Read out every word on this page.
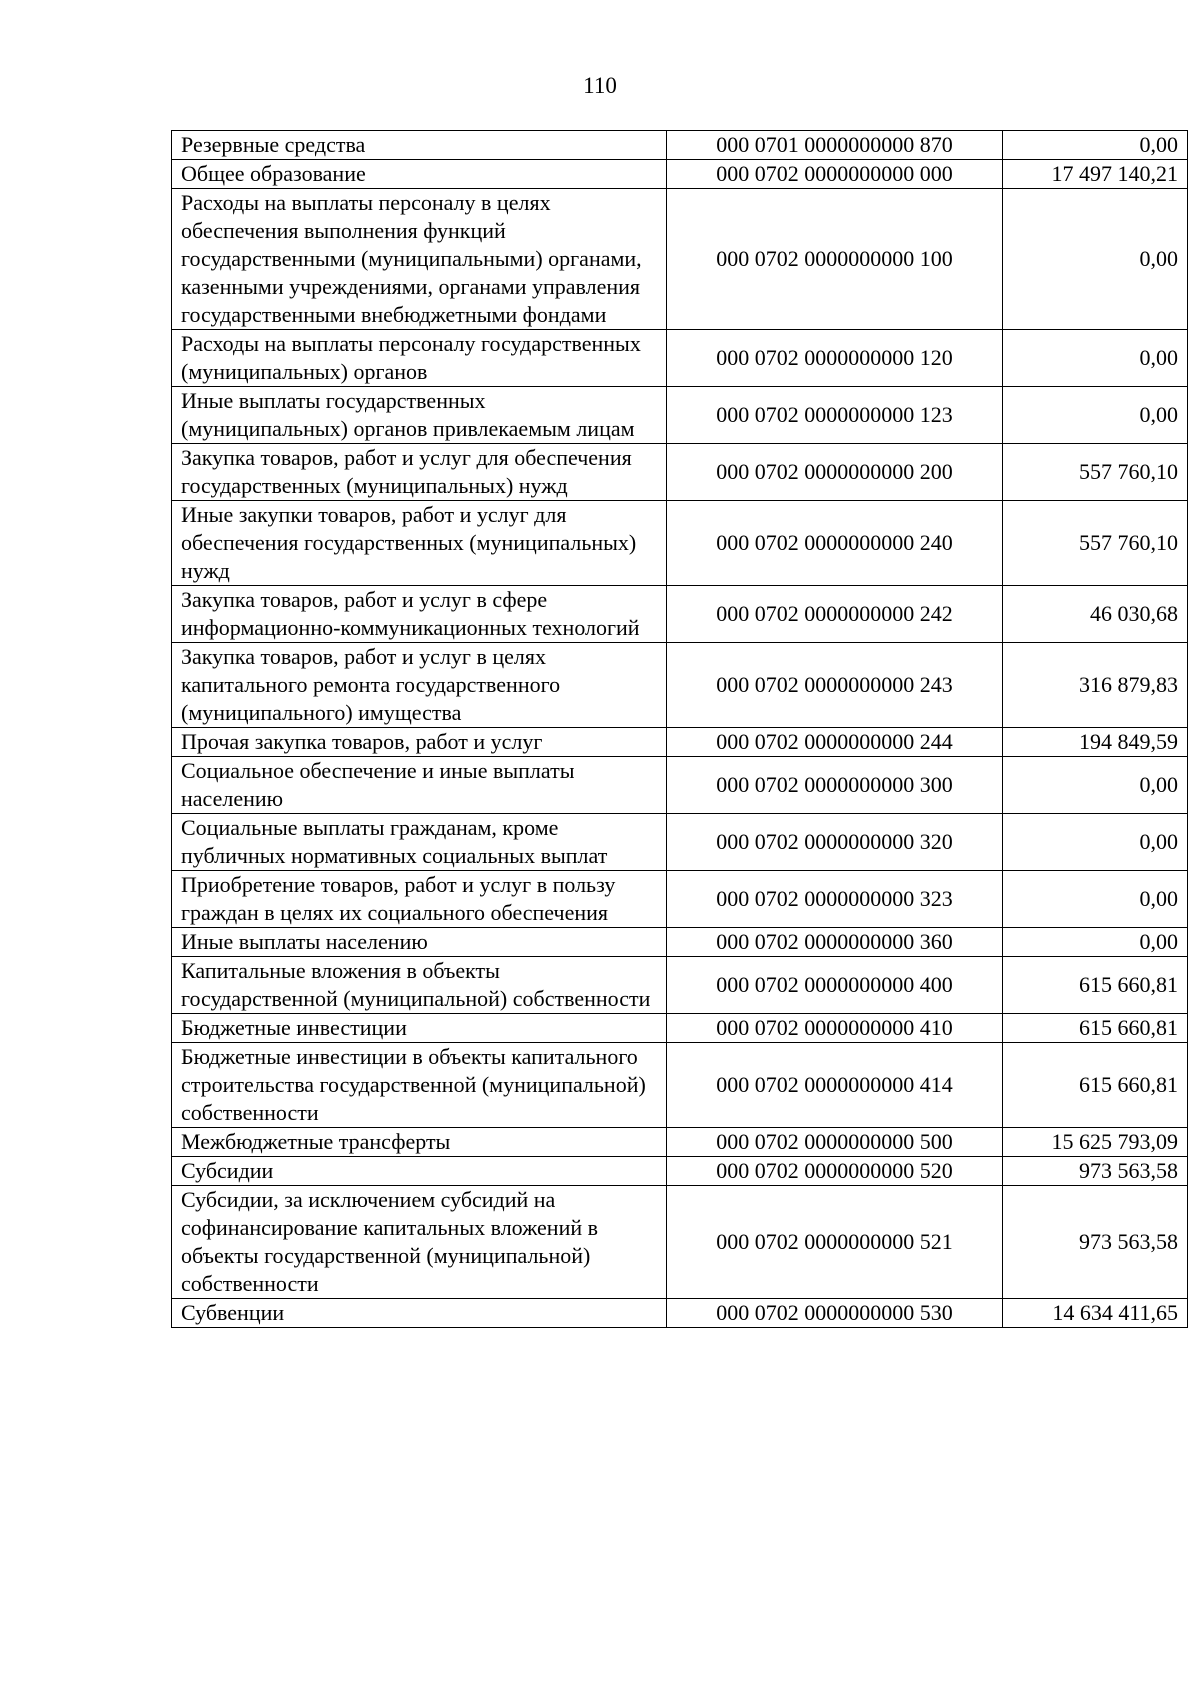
110
Резервные средства	000 0701 0000000000 870	0,00
Общее образование	000 0702 0000000000 000	17 497 140,21
Расходы на выплаты персоналу в целях обеспечения выполнения функций государственными (муниципальными) органами, казенными учреждениями, органами управления государственными внебюджетными фондами	000 0702 0000000000 100	0,00
Расходы на выплаты персоналу государственных (муниципальных) органов	000 0702 0000000000 120	0,00
Иные выплаты государственных (муниципальных) органов привлекаемым лицам	000 0702 0000000000 123	0,00
Закупка товаров, работ и услуг для обеспечения государственных (муниципальных) нужд	000 0702 0000000000 200	557 760,10
Иные закупки товаров, работ и услуг для обеспечения государственных (муниципальных) нужд	000 0702 0000000000 240	557 760,10
Закупка товаров, работ и услуг в сфере информационно-коммуникационных технологий	000 0702 0000000000 242	46 030,68
Закупка товаров, работ и услуг в целях капитального ремонта государственного (муниципального) имущества	000 0702 0000000000 243	316 879,83
Прочая закупка товаров, работ и услуг	000 0702 0000000000 244	194 849,59
Социальное обеспечение и иные выплаты населению	000 0702 0000000000 300	0,00
Социальные выплаты гражданам, кроме публичных нормативных социальных выплат	000 0702 0000000000 320	0,00
Приобретение товаров, работ и услуг в пользу граждан в целях их социального обеспечения	000 0702 0000000000 323	0,00
Иные выплаты населению	000 0702 0000000000 360	0,00
Капитальные вложения в объекты государственной (муниципальной) собственности	000 0702 0000000000 400	615 660,81
Бюджетные инвестиции	000 0702 0000000000 410	615 660,81
Бюджетные инвестиции в объекты капитального строительства государственной (муниципальной) собственности	000 0702 0000000000 414	615 660,81
Межбюджетные трансферты	000 0702 0000000000 500	15 625 793,09
Субсидии	000 0702 0000000000 520	973 563,58
Субсидии, за исключением субсидий на софинансирование капитальных вложений в объекты государственной (муниципальной) собственности	000 0702 0000000000 521	973 563,58
Субвенции	000 0702 0000000000 530	14 634 411,65
